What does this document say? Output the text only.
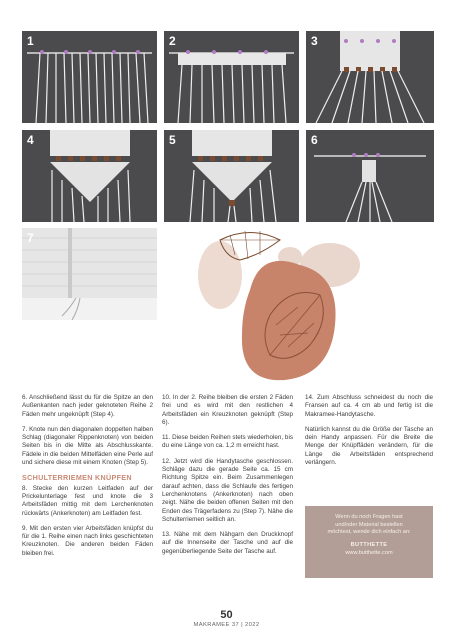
1	2	3
4	5	6
7

6. Anschließend lässt du für die Spitze an den Außenkanten nach jeder geknoteten Reihe 2 Fäden mehr ungeknüpft (Step 4).

7. Knote nun den diagonalen doppelten halben Schlag (diagonaler Rippenknoten) von beiden Seiten bis in die Mitte als Abschlusskante. Fädele in die beiden Mittelfäden eine Perle auf und sichere diese mit einem Knoten (Step 5).

SCHULTERRIEMEN KNÜPFEN

8. Stecke den kurzen Leitfaden auf der Prickelunterlage fest und knote die 3 Arbeitsfäden mittig mit dem Lerchenknoten rückwärts (Ankerknoten) am Leitfaden fest.

9. Mit den ersten vier Arbeitsfäden knüpfst du für die 1. Reihe einen nach links geschichteten Kreuzknoten. Die anderen beiden Fäden bleiben frei.

10. In der 2. Reihe bleiben die ersten 2 Fäden frei und es wird mit den restlichen 4 Arbeitsfäden ein Kreuzknoten geknüpft (Step 6).

11. Diese beiden Reihen stets wiederholen, bis du eine Länge von ca. 1,2 m erreicht hast.

12. Jetzt wird die Handytasche geschlossen. Schläge dazu die gerade Seite ca. 15 cm Richtung Spitze ein. Beim Zusammenlegen darauf achten, dass die Schlaufe des fertigen Lerchenknotens (Ankerknoten) nach oben zeigt. Nähe die beiden offenen Seiten mit den Enden des Trägerfadens zu (Step 7). Nähe die Schulterriemen seitlich an.

13. Nähe mit dem Nähgarn den Druckknopf auf die Innenseite der Tasche und auf die gegenüberliegende Seite der Tasche auf.

14. Zum Abschluss schneidest du noch die Fransen auf ca. 4 cm ab und fertig ist die Makramee-Handytasche.

Natürlich kannst du die Größe der Tasche an dein Handy anpassen. Für die Breite die Menge der Knüpffäden verändern, für die Länge die Arbeitsfäden entsprechend verlängern.

Wenn du noch Fragen hast
und/oder Material bestellen
möchtest, wende dich einfach an:
BUTTHETTE
www.butthette.com
50
MAKRAMEE 37 | 2022
